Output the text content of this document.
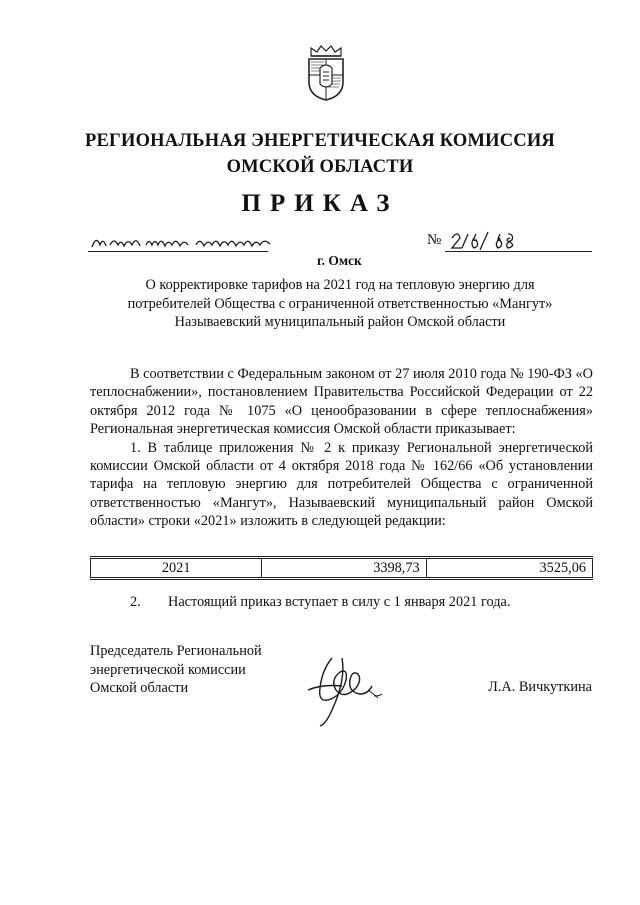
РЕГИОНАЛЬНАЯ ЭНЕРГЕТИЧЕСКАЯ КОМИССИЯ
ОМСКОЙ ОБЛАСТИ
ПРИКАЗ
г. Омск
№
О корректировке тарифов на 2021 год на тепловую энергию для
потребителей Общества с ограниченной ответственностью «Мангут»
Называевский муниципальный район Омской области

В соответствии с Федеральным законом от 27 июля 2010 года № 190-ФЗ «О теплоснабжении», постановлением Правительства Российской Федерации от 22 октября 2012 года № 1075 «О ценообразовании в сфере теплоснабжения» Региональная энергетическая комиссия Омской области приказывает:

1. В таблице приложения № 2 к приказу Региональной энергетической комиссии Омской области от 4 октября 2018 года № 162/66 «Об установлении тарифа на тепловую энергию для потребителей Общества с ограниченной ответственностью «Мангут», Называевский муниципальный район Омской области» строки «2021» изложить в следующей редакции:

2021	3398,73	3525,06
2. Настоящий приказ вступает в силу с 1 января 2021 года.
Председатель Региональной
энергетической комиссии
Омской области	Л.А. Вичкуткина
